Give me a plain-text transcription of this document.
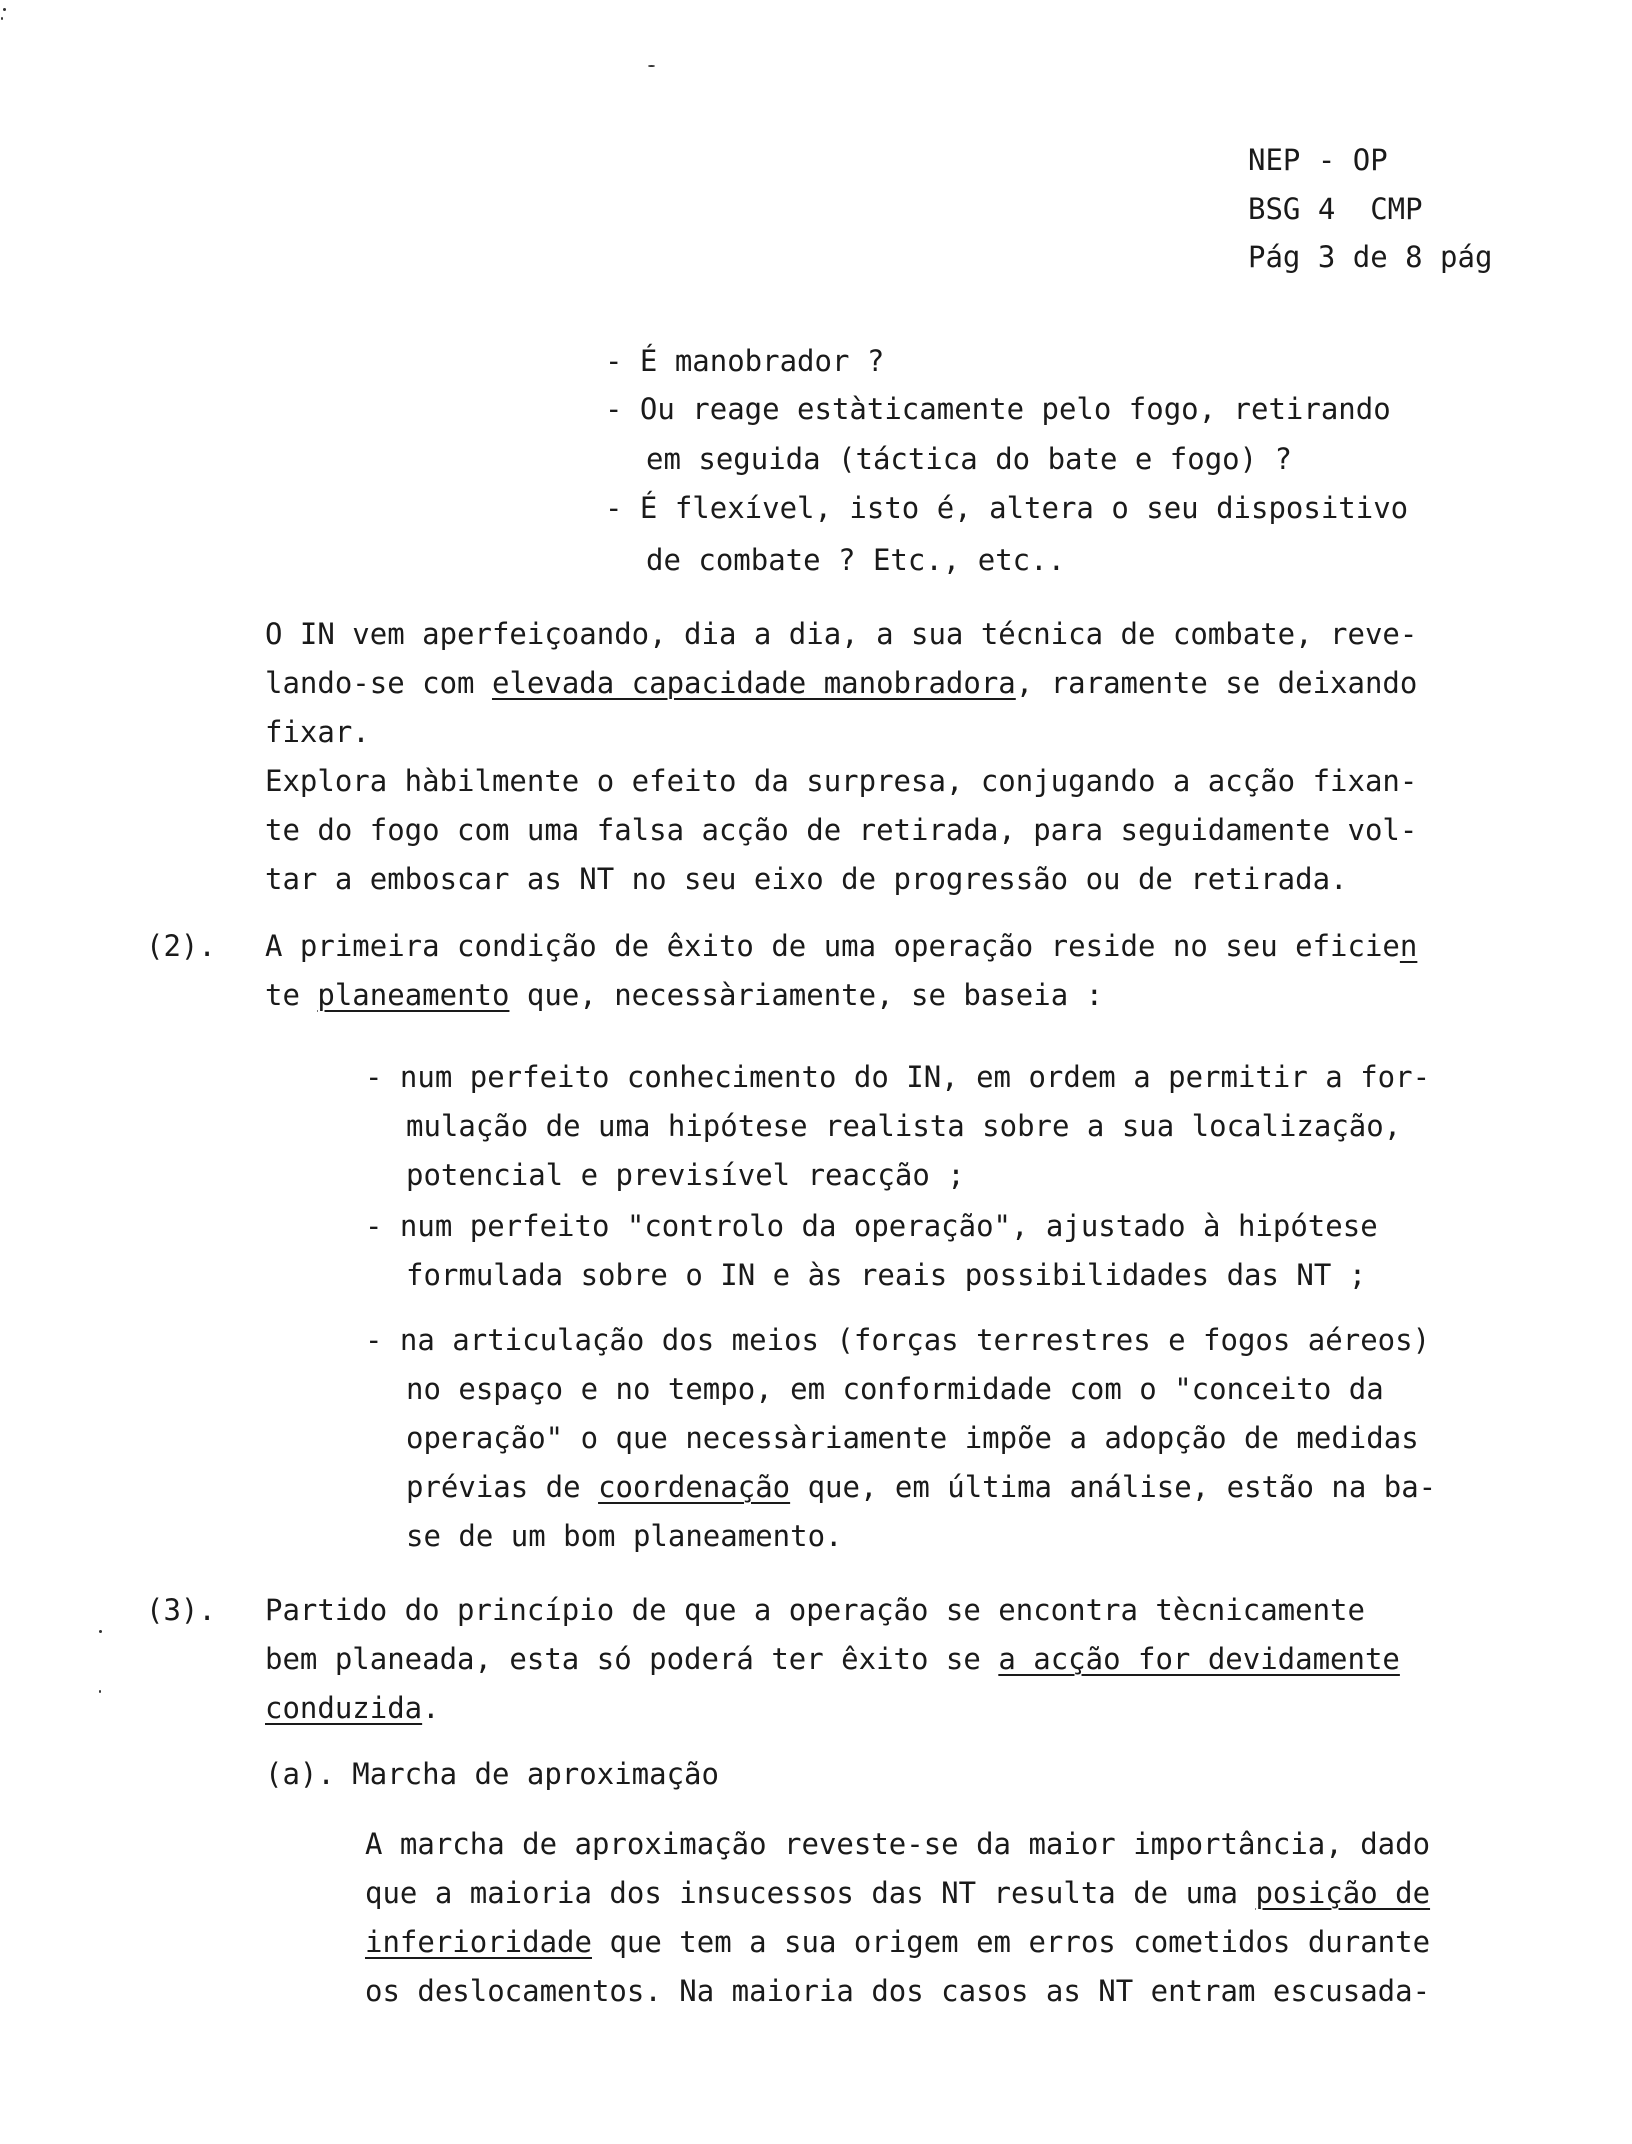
NEP - OP
BSG 4  CMP
Pág 3 de 8 pág
- É manobrador ?
- Ou reage estàticamente pelo fogo, retirando
em seguida (táctica do bate e fogo) ?
- É flexível, isto é, altera o seu dispositivo
de combate ? Etc., etc..
O IN vem aperfeiçoando, dia a dia, a sua técnica de combate, reve-
lando-se com elevada capacidade manobradora, raramente se deixando
fixar.
Explora hàbilmente o efeito da surpresa, conjugando a acção fixan-
te do fogo com uma falsa acção de retirada, para seguidamente vol-
tar a emboscar as NT no seu eixo de progressão ou de retirada.
(2). A primeira condição de êxito de uma operação reside no seu eficien
te planeamento que, necessàriamente, se baseia :
- num perfeito conhecimento do IN, em ordem a permitir a for-
mulação de uma hipótese realista sobre a sua localização,
potencial e previsível reacção ;
- num perfeito "controlo da operação", ajustado à hipótese
formulada sobre o IN e às reais possibilidades das NT ;
- na articulação dos meios (forças terrestres e fogos aéreos)
no espaço e no tempo, em conformidade com o "conceito da
operação" o que necessàriamente impõe a adopção de medidas
prévias de coordenação que, em última análise, estão na ba-
se de um bom planeamento.
(3). Partido do princípio de que a operação se encontra tècnicamente
bem planeada, esta só poderá ter êxito se a acção for devidamente
conduzida.
(a). Marcha de aproximação
A marcha de aproximação reveste-se da maior importância, dado
que a maioria dos insucessos das NT resulta de uma posição de
inferioridade que tem a sua origem em erros cometidos durante
os deslocamentos. Na maioria dos casos as NT entram escusada-
